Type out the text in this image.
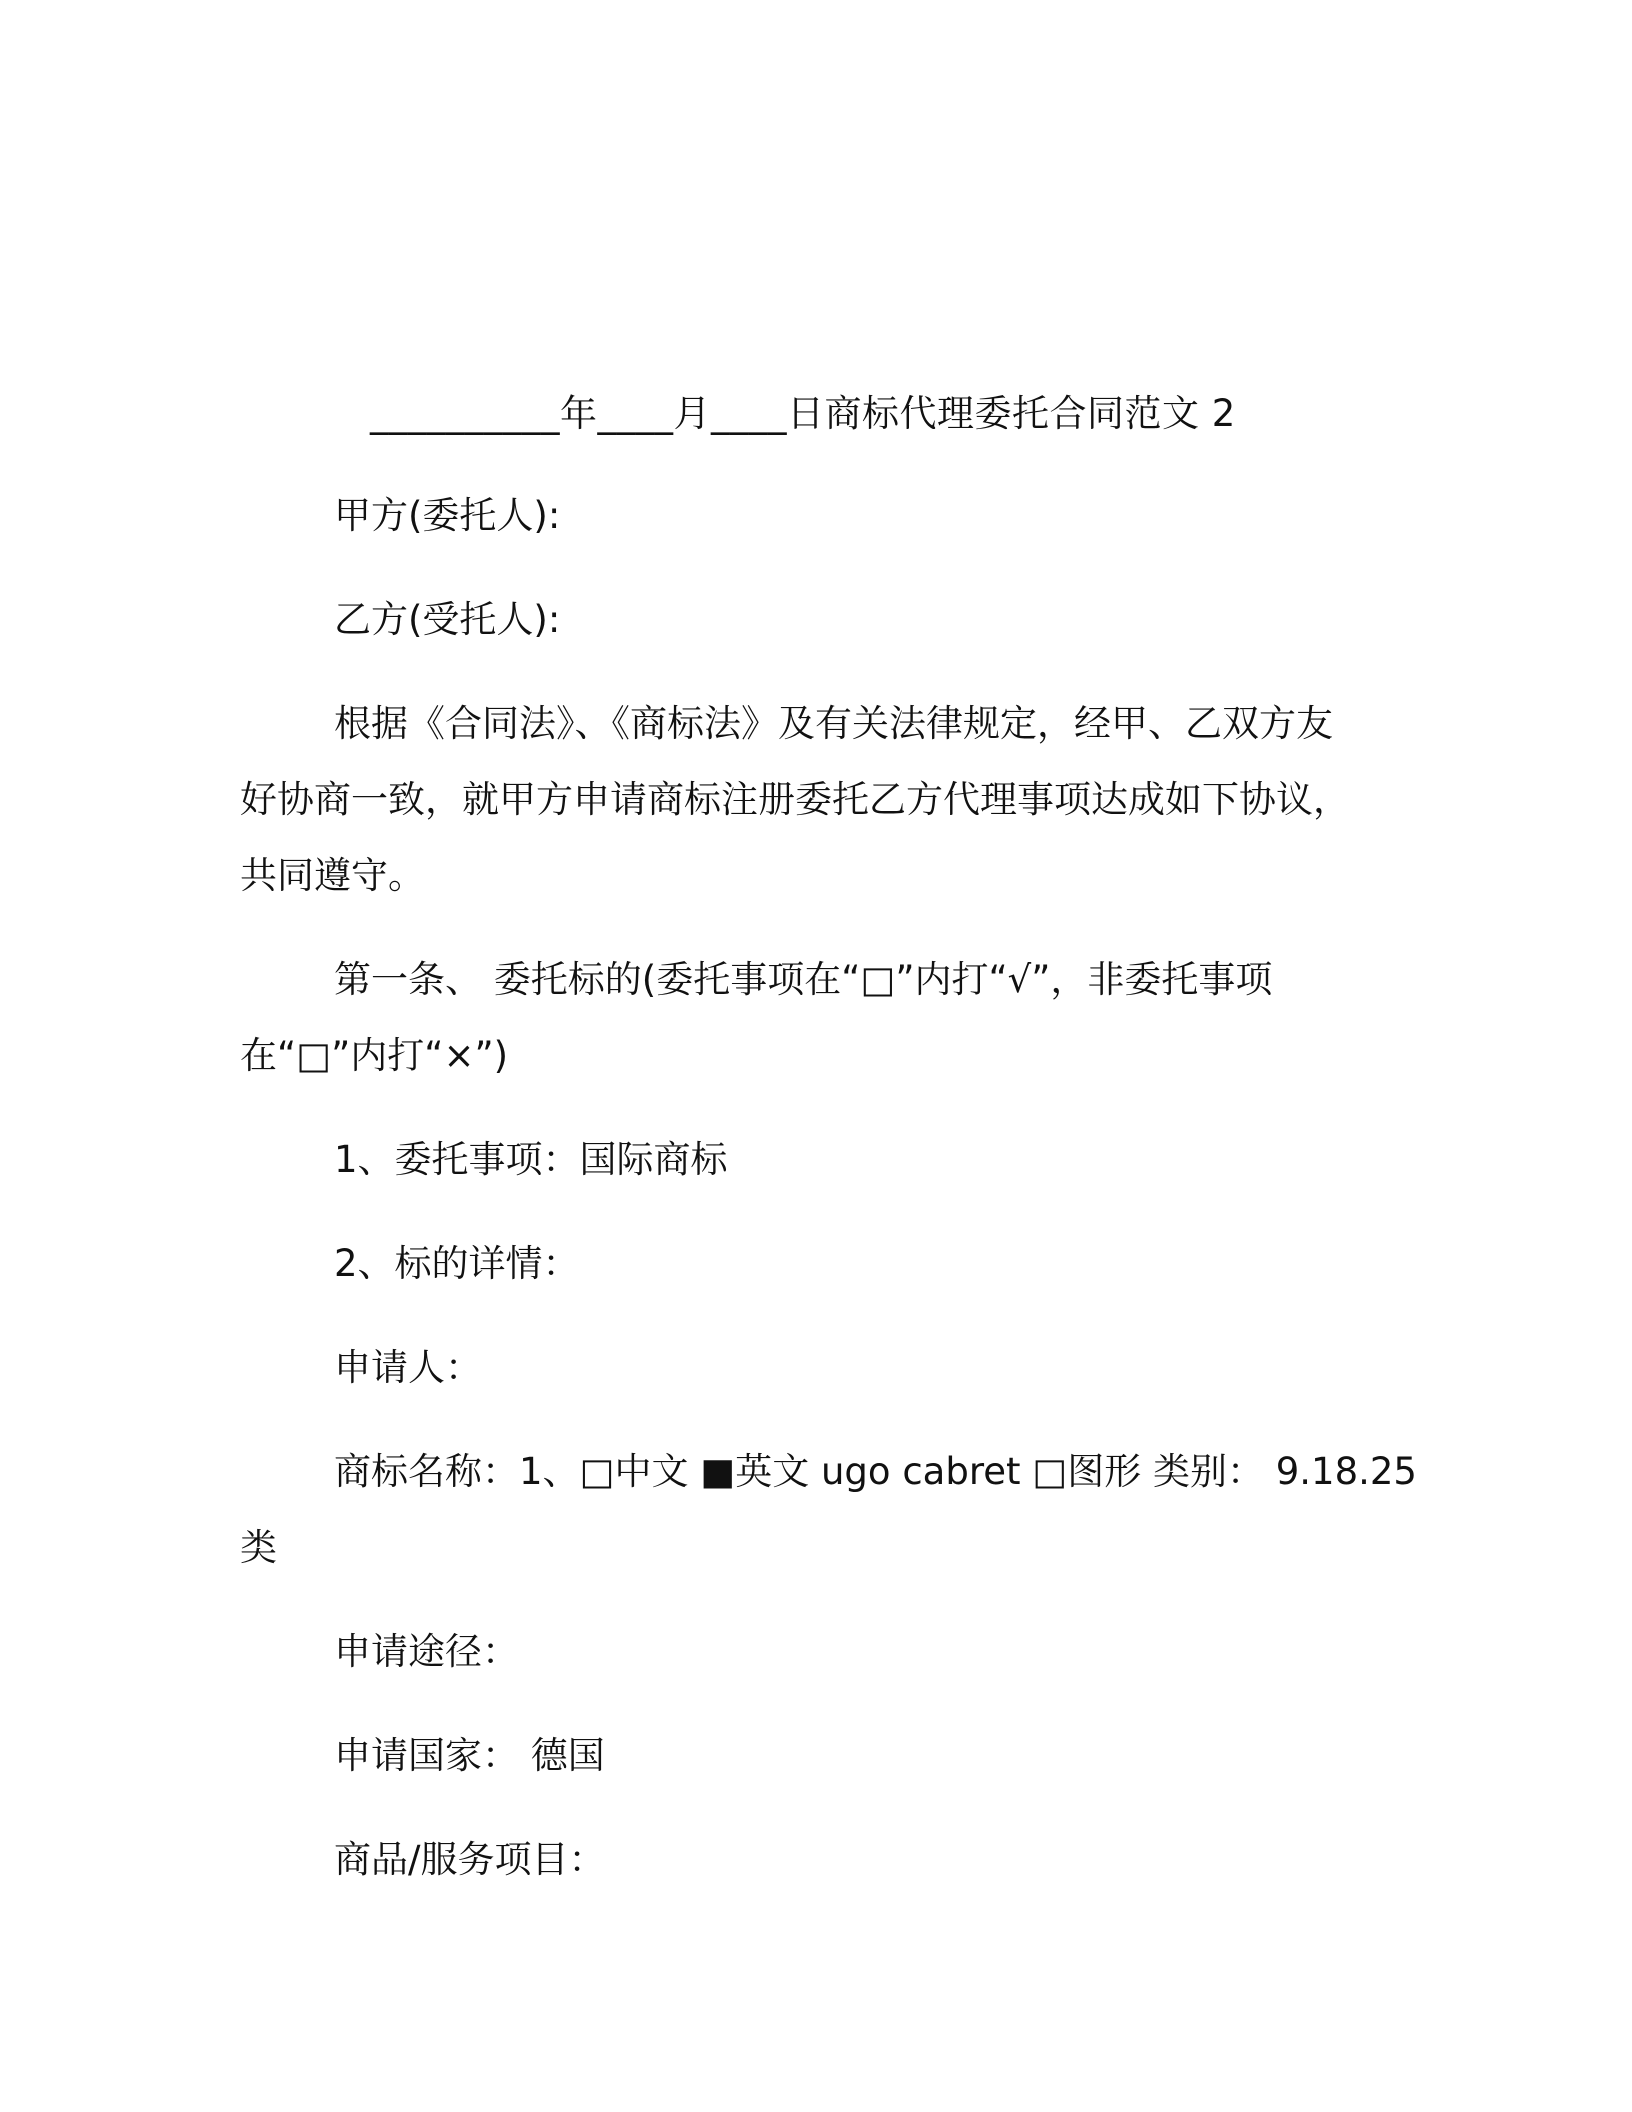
__________年____月____日商标代理委托合同范文 2
甲方(委托人):
乙方(受托人):
根据《合同法》、《商标法》及有关法律规定，经甲、乙双方友
好协商一致，就甲方申请商标注册委托乙方代理事项达成如下协议，
共同遵守。
第一条、 委托标的(委托事项在“□”内打“√”，非委托事项
在“□”内打“×”)
1、委托事项：国际商标
2、标的详情：
申请人：
商标名称：1、□中文 ■英文 ugo cabret □图形 类别： 9.18.25
类
申请途径：
申请国家： 德国
商品/服务项目：
